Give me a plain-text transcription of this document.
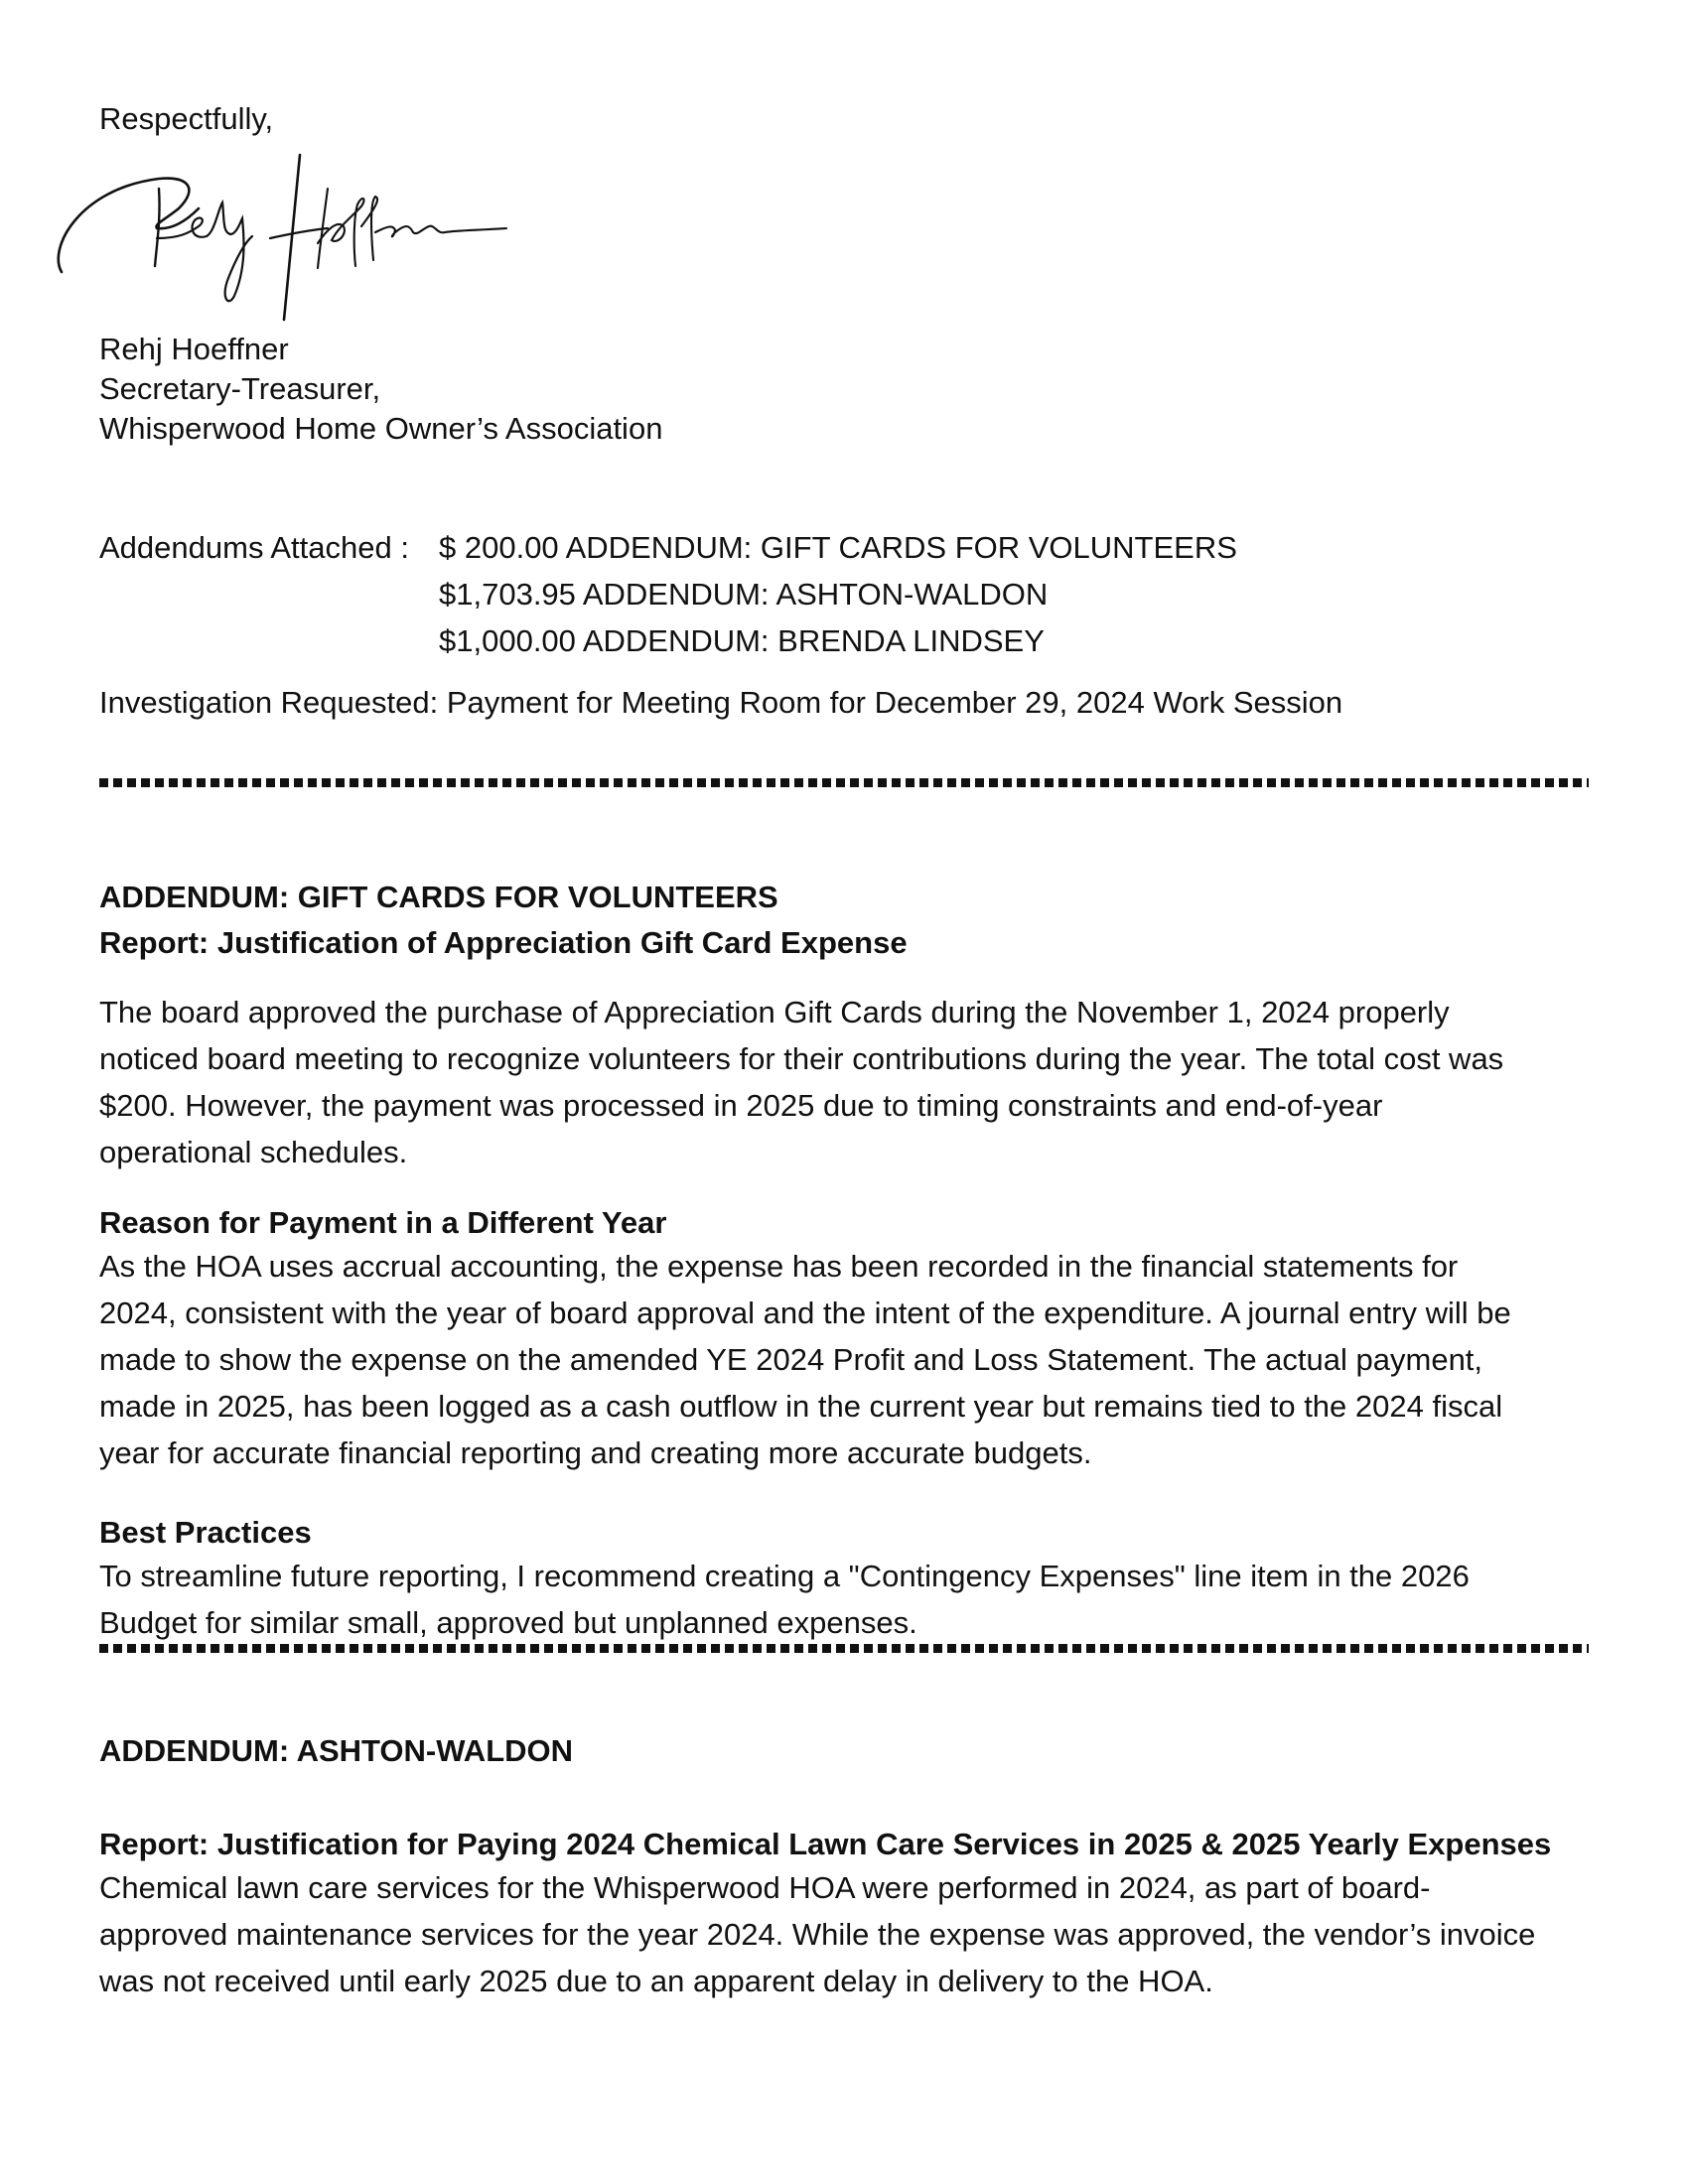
Respectfully,
Rehj Hoeffner
Secretary-Treasurer,
Whisperwood Home Owner’s Association
Addendums Attached : $ 200.00 ADDENDUM: GIFT CARDS FOR VOLUNTEERS
$1,703.95 ADDENDUM: ASHTON-WALDON
$1,000.00 ADDENDUM: BRENDA LINDSEY
Investigation Requested: Payment for Meeting Room for December 29, 2024 Work Session
ADDENDUM: GIFT CARDS FOR VOLUNTEERS
Report: Justification of Appreciation Gift Card Expense
The board approved the purchase of Appreciation Gift Cards during the November 1, 2024 properly
noticed board meeting to recognize volunteers for their contributions during the year. The total cost was
$200. However, the payment was processed in 2025 due to timing constraints and end-of-year
operational schedules.
Reason for Payment in a Different Year
As the HOA uses accrual accounting, the expense has been recorded in the financial statements for
2024, consistent with the year of board approval and the intent of the expenditure. A journal entry will be
made to show the expense on the amended YE 2024 Profit and Loss Statement. The actual payment,
made in 2025, has been logged as a cash outflow in the current year but remains tied to the 2024 fiscal
year for accurate financial reporting and creating more accurate budgets.
Best Practices
To streamline future reporting, I recommend creating a "Contingency Expenses" line item in the 2026
Budget for similar small, approved but unplanned expenses.
ADDENDUM: ASHTON-WALDON
Report: Justification for Paying 2024 Chemical Lawn Care Services in 2025 & 2025 Yearly Expenses
Chemical lawn care services for the Whisperwood HOA were performed in 2024, as part of board-
approved maintenance services for the year 2024. While the expense was approved, the vendor’s invoice
was not received until early 2025 due to an apparent delay in delivery to the HOA.
